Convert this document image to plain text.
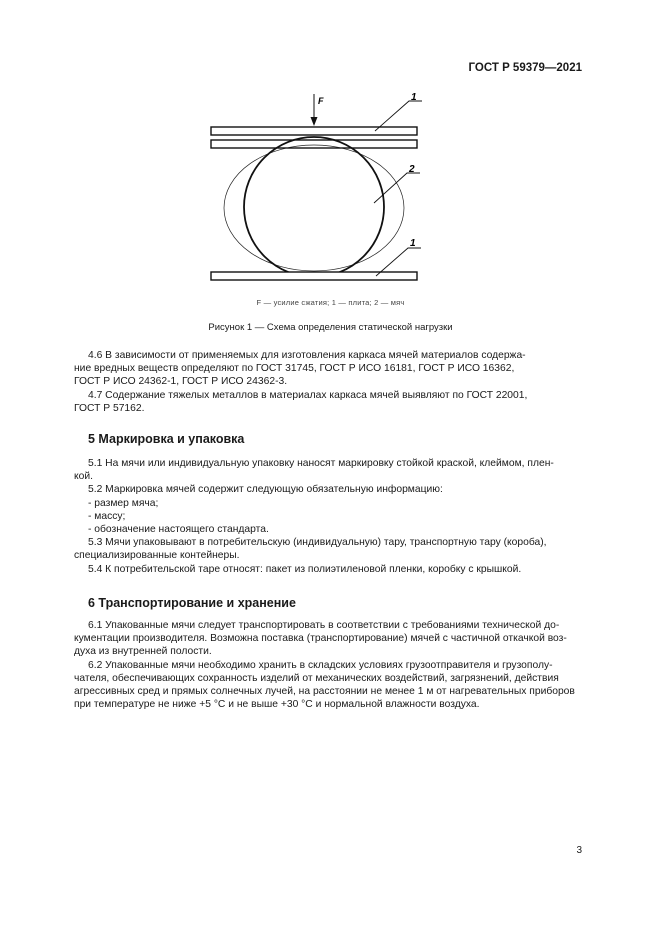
ГОСТ Р 59379—2021
F	1
2
1
F — усилие сжатия; 1 — плита; 2 — мяч
Рисунок 1 — Схема определения статической нагрузки

4.6 В зависимости от применяемых для изготовления каркаса мячей материалов содержа-

ние вредных веществ определяют по ГОСТ 31745, ГОСТ Р ИСО 16181, ГОСТ Р ИСО 16362,

ГОСТ Р ИСО 24362-1, ГОСТ Р ИСО 24362-3.

4.7 Содержание тяжелых металлов в материалах каркаса мячей выявляют по ГОСТ 22001,

ГОСТ Р 57162.

5 Маркировка и упаковка

5.1 На мячи или индивидуальную упаковку наносят маркировку стойкой краской, клеймом, плен-

кой.

5.2 Маркировка мячей содержит следующую обязательную информацию:

- размер мяча;

- массу;

- обозначение настоящего стандарта.

5.3 Мячи упаковывают в потребительскую (индивидуальную) тару, транспортную тару (короба),

специализированные контейнеры.

5.4 К потребительской таре относят: пакет из полиэтиленовой пленки, коробку с крышкой.

6 Транспортирование и хранение

6.1 Упакованные мячи следует транспортировать в соответствии с требованиями технической до-

кументации производителя. Возможна поставка (транспортирование) мячей с частичной откачкой воз-

духа из внутренней полости.

6.2 Упакованные мячи необходимо хранить в складских условиях грузоотправителя и грузополу-

чателя, обеспечивающих сохранность изделий от механических воздействий, загрязнений, действия

агрессивных сред и прямых солнечных лучей, на расстоянии не менее 1 м от нагревательных приборов

при температуре не ниже +5 °C и не выше +30 °C и нормальной влажности воздуха.

3
